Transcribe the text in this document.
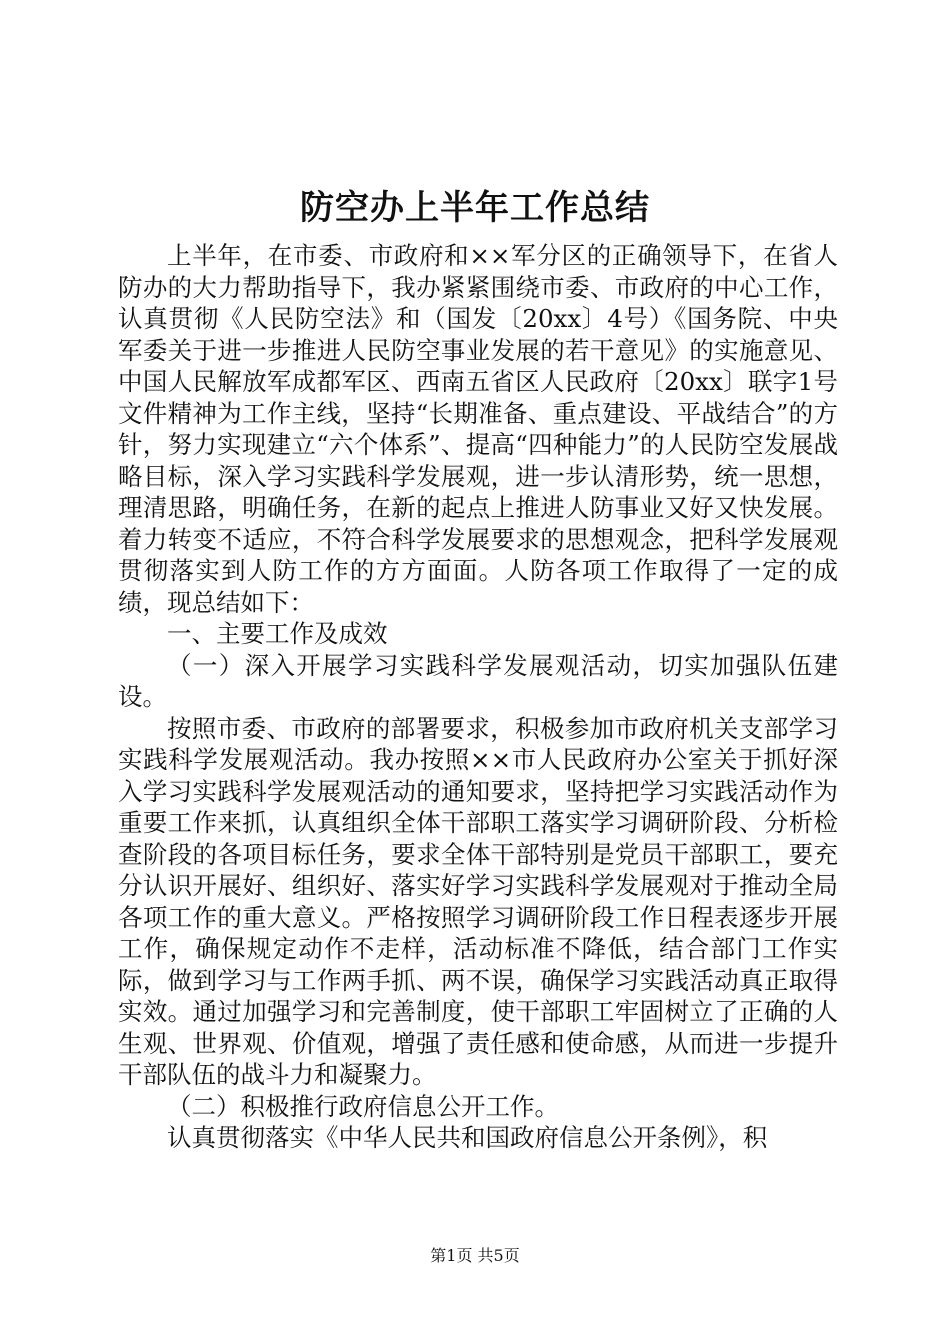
防空办上半年工作总结

上半年，在市委、市政府和××军分区的正确领导下，在省人防办的大力帮助指导下，我办紧紧围绕市委、市政府的中心工作，认真贯彻《人民防空法》和（国发〔20xx〕4号）《国务院、中央军委关于进一步推进人民防空事业发展的若干意见》的实施意见、中国人民解放军成都军区、西南五省区人民政府〔20xx〕联字1号文件精神为工作主线，坚持“长期准备、重点建设、平战结合”的方针，努力实现建立“六个体系”、提高“四种能力”的人民防空发展战略目标，深入学习实践科学发展观，进一步认清形势，统一思想，理清思路，明确任务，在新的起点上推进人防事业又好又快发展。着力转变不适应，不符合科学发展要求的思想观念，把科学发展观贯彻落实到人防工作的方方面面。人防各项工作取得了一定的成绩，现总结如下：

一、主要工作及成效

（一）深入开展学习实践科学发展观活动，切实加强队伍建设。

按照市委、市政府的部署要求，积极参加市政府机关支部学习实践科学发展观活动。我办按照××市人民政府办公室关于抓好深入学习实践科学发展观活动的通知要求，坚持把学习实践活动作为重要工作来抓，认真组织全体干部职工落实学习调研阶段、分析检查阶段的各项目标任务，要求全体干部特别是党员干部职工，要充分认识开展好、组织好、落实好学习实践科学发展观对于推动全局各项工作的重大意义。严格按照学习调研阶段工作日程表逐步开展工作，确保规定动作不走样，活动标准不降低，结合部门工作实际，做到学习与工作两手抓、两不误，确保学习实践活动真正取得实效。通过加强学习和完善制度，使干部职工牢固树立了正确的人生观、世界观、价值观，增强了责任感和使命感，从而进一步提升干部队伍的战斗力和凝聚力。

（二）积极推行政府信息公开工作。

认真贯彻落实《中华人民共和国政府信息公开条例》，积

第1页 共5页
